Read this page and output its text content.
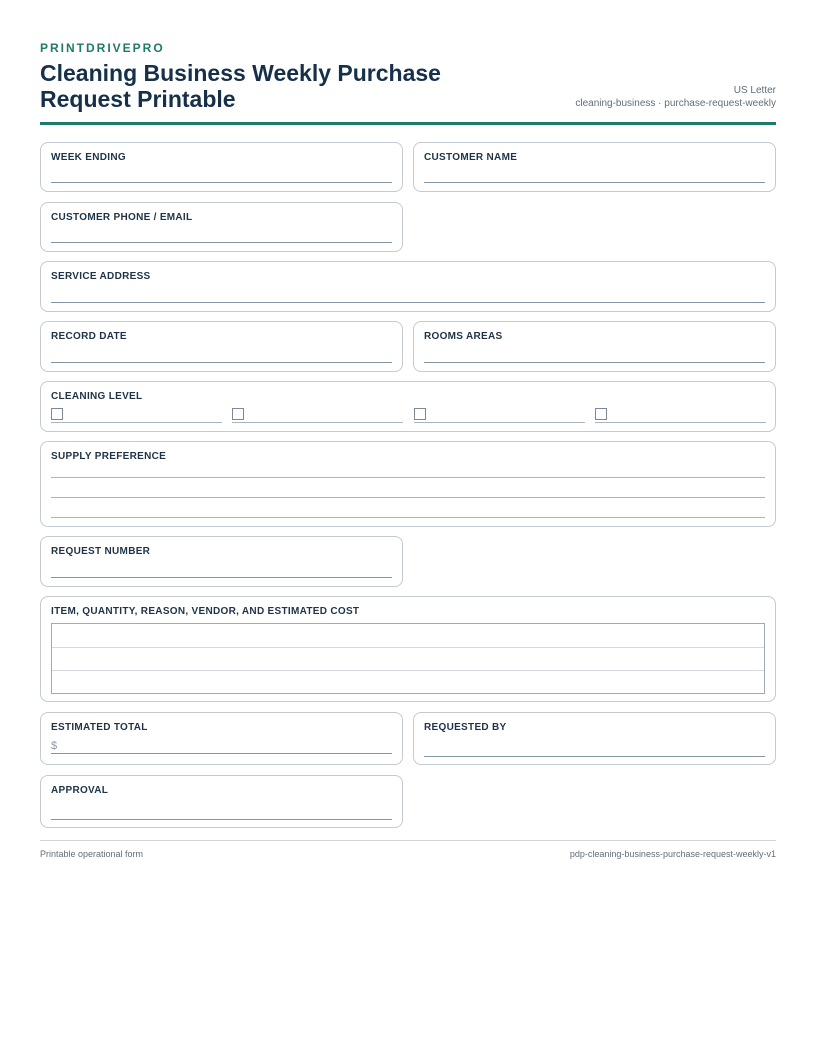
PRINTDRIVEPRO
Cleaning Business Weekly Purchase Request Printable	US Letter
cleaning-business · purchase-request-weekly
WEEK ENDING	CUSTOMER NAME
CUSTOMER PHONE / EMAIL
SERVICE ADDRESS
RECORD DATE	ROOMS AREAS
CLEANING LEVEL
SUPPLY PREFERENCE
REQUEST NUMBER
ITEM, QUANTITY, REASON, VENDOR, AND ESTIMATED COST
ESTIMATED TOTAL
$
REQUESTED BY
APPROVAL
Printable operational form	pdp-cleaning-business-purchase-request-weekly-v1
